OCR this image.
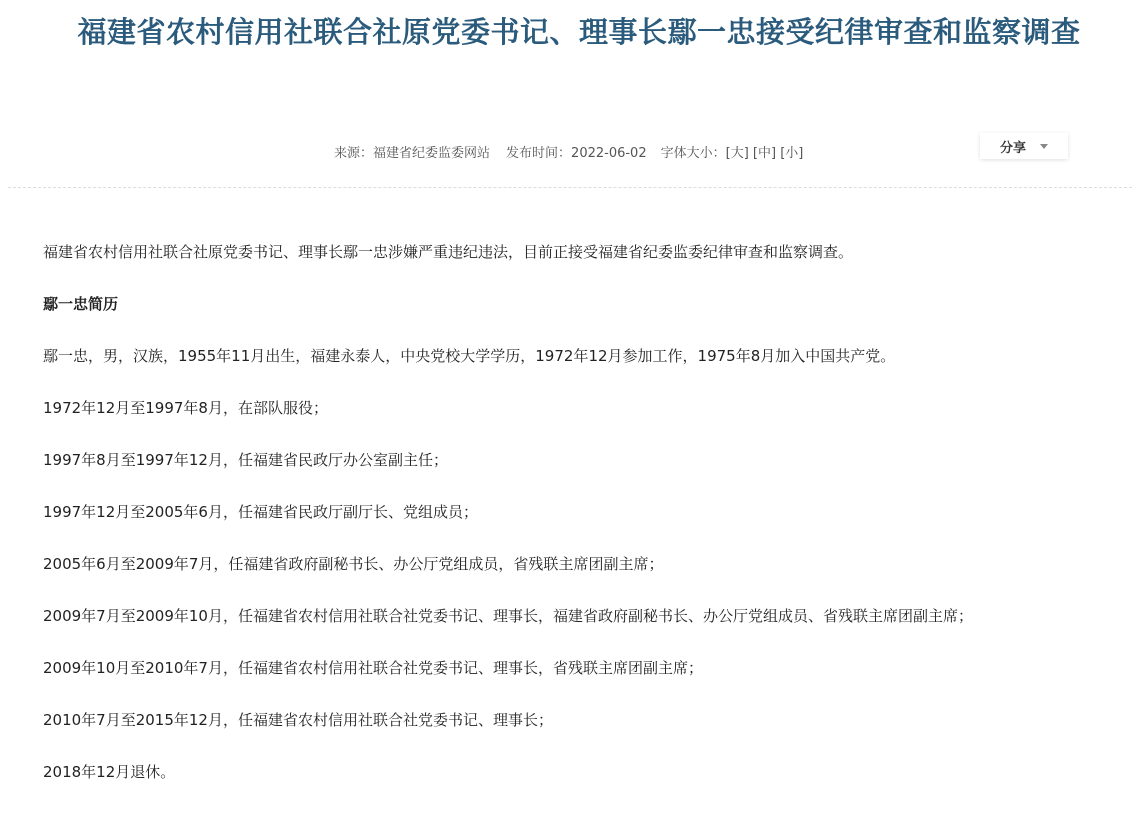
福建省农村信用社联合社原党委书记、理事长鄢一忠接受纪律审查和监察调查
来源：福建省纪委监委网站 发布时间：2022-06-02 字体大小：[大] [中] [小]	分享

福建省农村信用社联合社原党委书记、理事长鄢一忠涉嫌严重违纪违法，目前正接受福建省纪委监委纪律审查和监察调查。

鄢一忠简历

鄢一忠，男，汉族，1955年11月出生，福建永泰人，中央党校大学学历，1972年12月参加工作，1975年8月加入中国共产党。

1972年12月至1997年8月，在部队服役；

1997年8月至1997年12月，任福建省民政厅办公室副主任；

1997年12月至2005年6月，任福建省民政厅副厅长、党组成员；

2005年6月至2009年7月，任福建省政府副秘书长、办公厅党组成员，省残联主席团副主席；

2009年7月至2009年10月，任福建省农村信用社联合社党委书记、理事长，福建省政府副秘书长、办公厅党组成员、省残联主席团副主席；

2009年10月至2010年7月，任福建省农村信用社联合社党委书记、理事长，省残联主席团副主席；

2010年7月至2015年12月，任福建省农村信用社联合社党委书记、理事长；

2018年12月退休。
